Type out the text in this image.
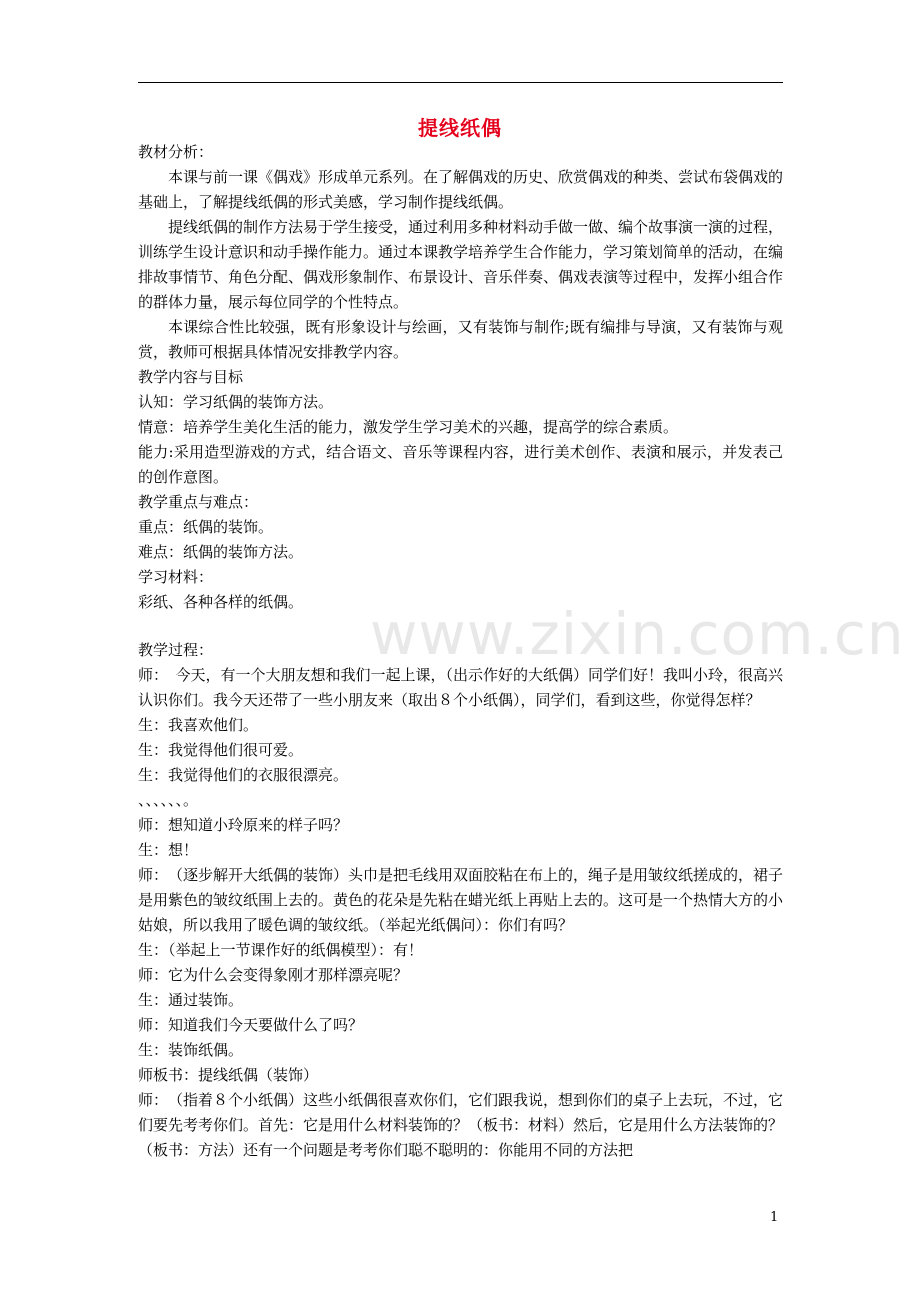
提线纸偶
www.zixin.com.cn

教材分析：

本课与前一课《偶戏》形成单元系列。在了解偶戏的历史、欣赏偶戏的种类、尝试布袋偶戏的基础上，了解提线纸偶的形式美感，学习制作提线纸偶。

提线纸偶的制作方法易于学生接受，通过利用多种材料动手做一做、编个故事演一演的过程，训练学生设计意识和动手操作能力。通过本课教学培养学生合作能力，学习策划简单的活动，在编排故事情节、角色分配、偶戏形象制作、布景设计、音乐伴奏、偶戏表演等过程中，发挥小组合作的群体力量，展示每位同学的个性特点。

本课综合性比较强，既有形象设计与绘画，又有装饰与制作;既有编排与导演，又有装饰与观赏，教师可根据具体情况安排教学内容。

教学内容与目标

认知：学习纸偶的装饰方法。

情意：培养学生美化生活的能力，激发学生学习美术的兴趣，提高学的综合素质。

能力:采用造型游戏的方式，结合语文、音乐等课程内容，进行美术创作、表演和展示，并发表己的创作意图。

教学重点与难点：

重点：纸偶的装饰。

难点：纸偶的装饰方法。

学习材料：

彩纸、各种各样的纸偶。

教学过程：

师：　今天，有一个大朋友想和我们一起上课，（出示作好的大纸偶）同学们好！我叫小玲，很高兴认识你们。我今天还带了一些小朋友来（取出８个小纸偶），同学们，看到这些，你觉得怎样？

生：我喜欢他们。

生：我觉得他们很可爱。

生：我觉得他们的衣服很漂亮。

、、、、、、。

师：想知道小玲原来的样子吗？

生：想！

师：　（逐步解开大纸偶的装饰）头巾是把毛线用双面胶粘在布上的，绳子是用皱纹纸搓成的，裙子是用紫色的皱纹纸围上去的。黄色的花朵是先粘在蜡光纸上再贴上去的。这可是一个热情大方的小姑娘，所以我用了暖色调的皱纹纸。（举起光纸偶问）：你们有吗？

生：（举起上一节课作好的纸偶模型）：有！

师：它为什么会变得象刚才那样漂亮呢？

生：通过装饰。

师：知道我们今天要做什么了吗？

生：装饰纸偶。

师板书：提线纸偶（装饰）

师：　（指着８个小纸偶）这些小纸偶很喜欢你们，它们跟我说，想到你们的桌子上去玩，不过，它们要先考考你们。首先：它是用什么材料装饰的？（板书：材料）然后，它是用什么方法装饰的？（板书：方法）还有一个问题是考考你们聪不聪明的：你能用不同的方法把

1
